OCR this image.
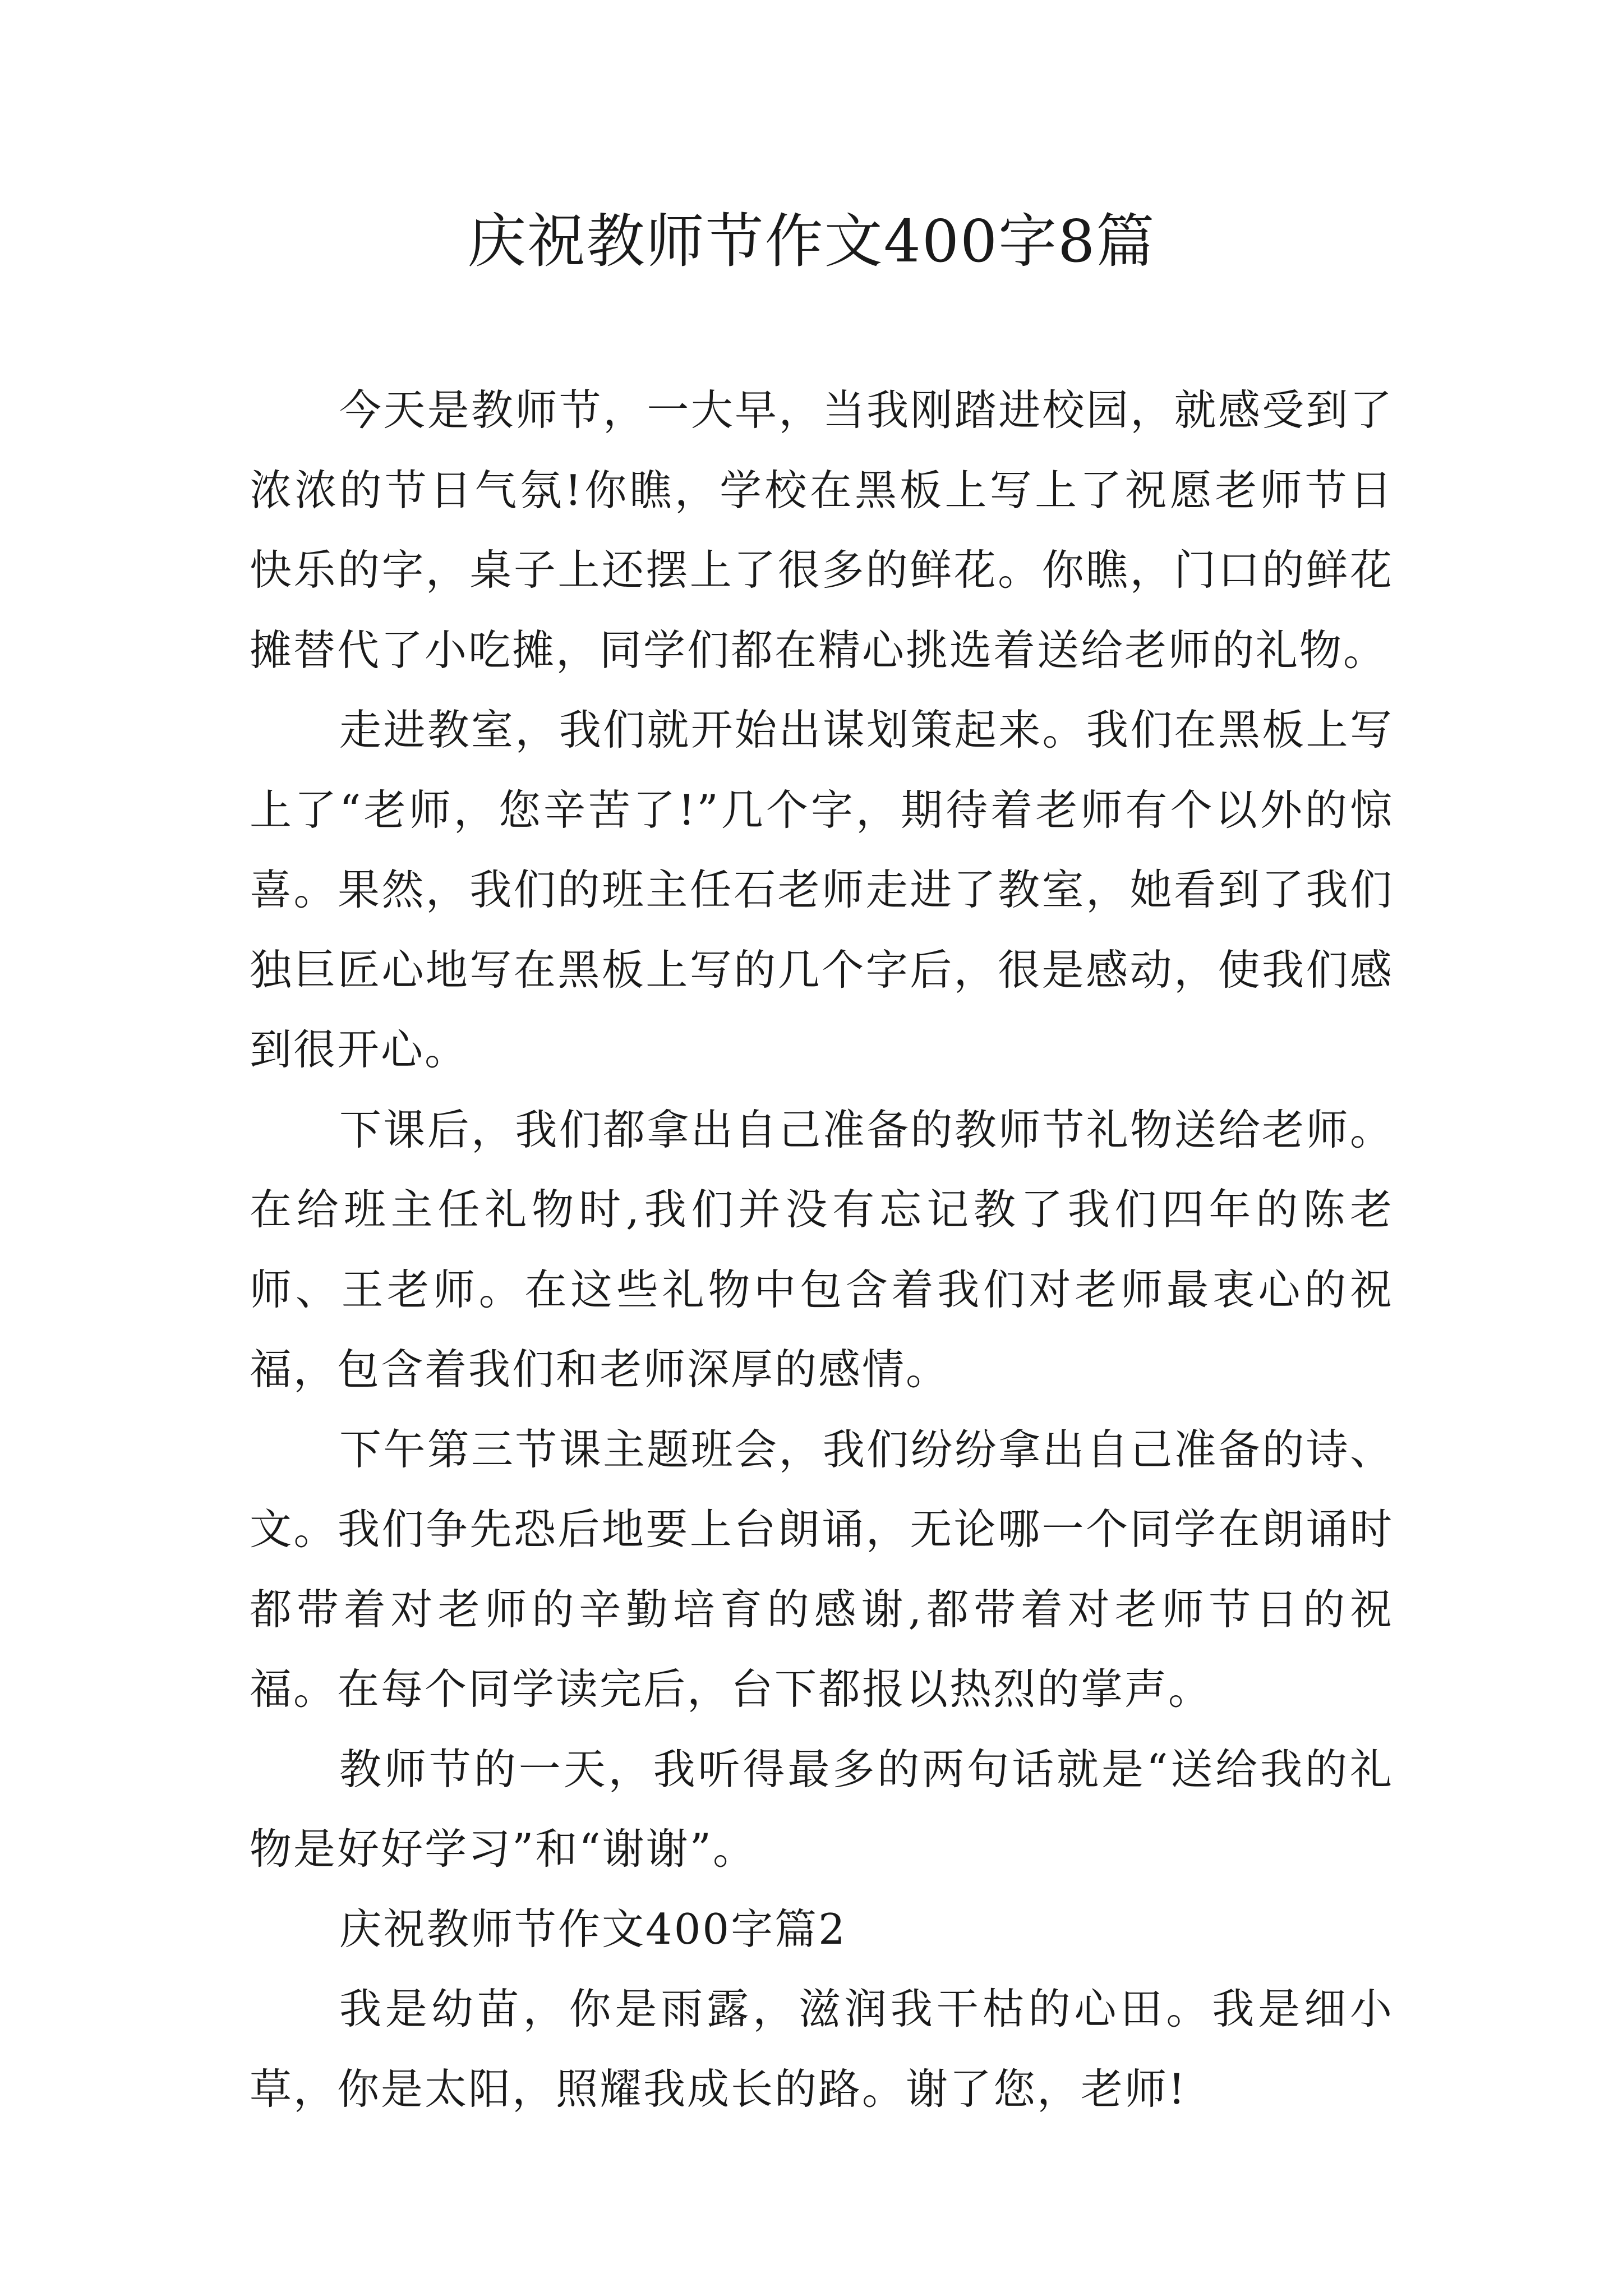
庆祝教师节作文400字8篇

今天是教师节，一大早，当我刚踏进校园，就感受到了浓浓的节日气氛!你瞧，学校在黑板上写上了祝愿老师节日快乐的字，桌子上还摆上了很多的鲜花。你瞧，门口的鲜花摊替代了小吃摊，同学们都在精心挑选着送给老师的礼物。

走进教室，我们就开始出谋划策起来。我们在黑板上写上了“老师，您辛苦了!”几个字，期待着老师有个以外的惊喜。果然，我们的班主任石老师走进了教室，她看到了我们独巨匠心地写在黑板上写的几个字后，很是感动，使我们感到很开心。

下课后，我们都拿出自己准备的教师节礼物送给老师。在给班主任礼物时,我们并没有忘记教了我们四年的陈老师、王老师。在这些礼物中包含着我们对老师最衷心的祝福，包含着我们和老师深厚的感情。

下午第三节课主题班会，我们纷纷拿出自己准备的诗、文。我们争先恐后地要上台朗诵，无论哪一个同学在朗诵时都带着对老师的辛勤培育的感谢,都带着对老师节日的祝福。在每个同学读完后，台下都报以热烈的掌声。

教师节的一天，我听得最多的两句话就是“送给我的礼物是好好学习”和“谢谢”。

庆祝教师节作文400字篇2

我是幼苗，你是雨露，滋润我干枯的心田。我是细小草，你是太阳，照耀我成长的路。谢了您，老师!
